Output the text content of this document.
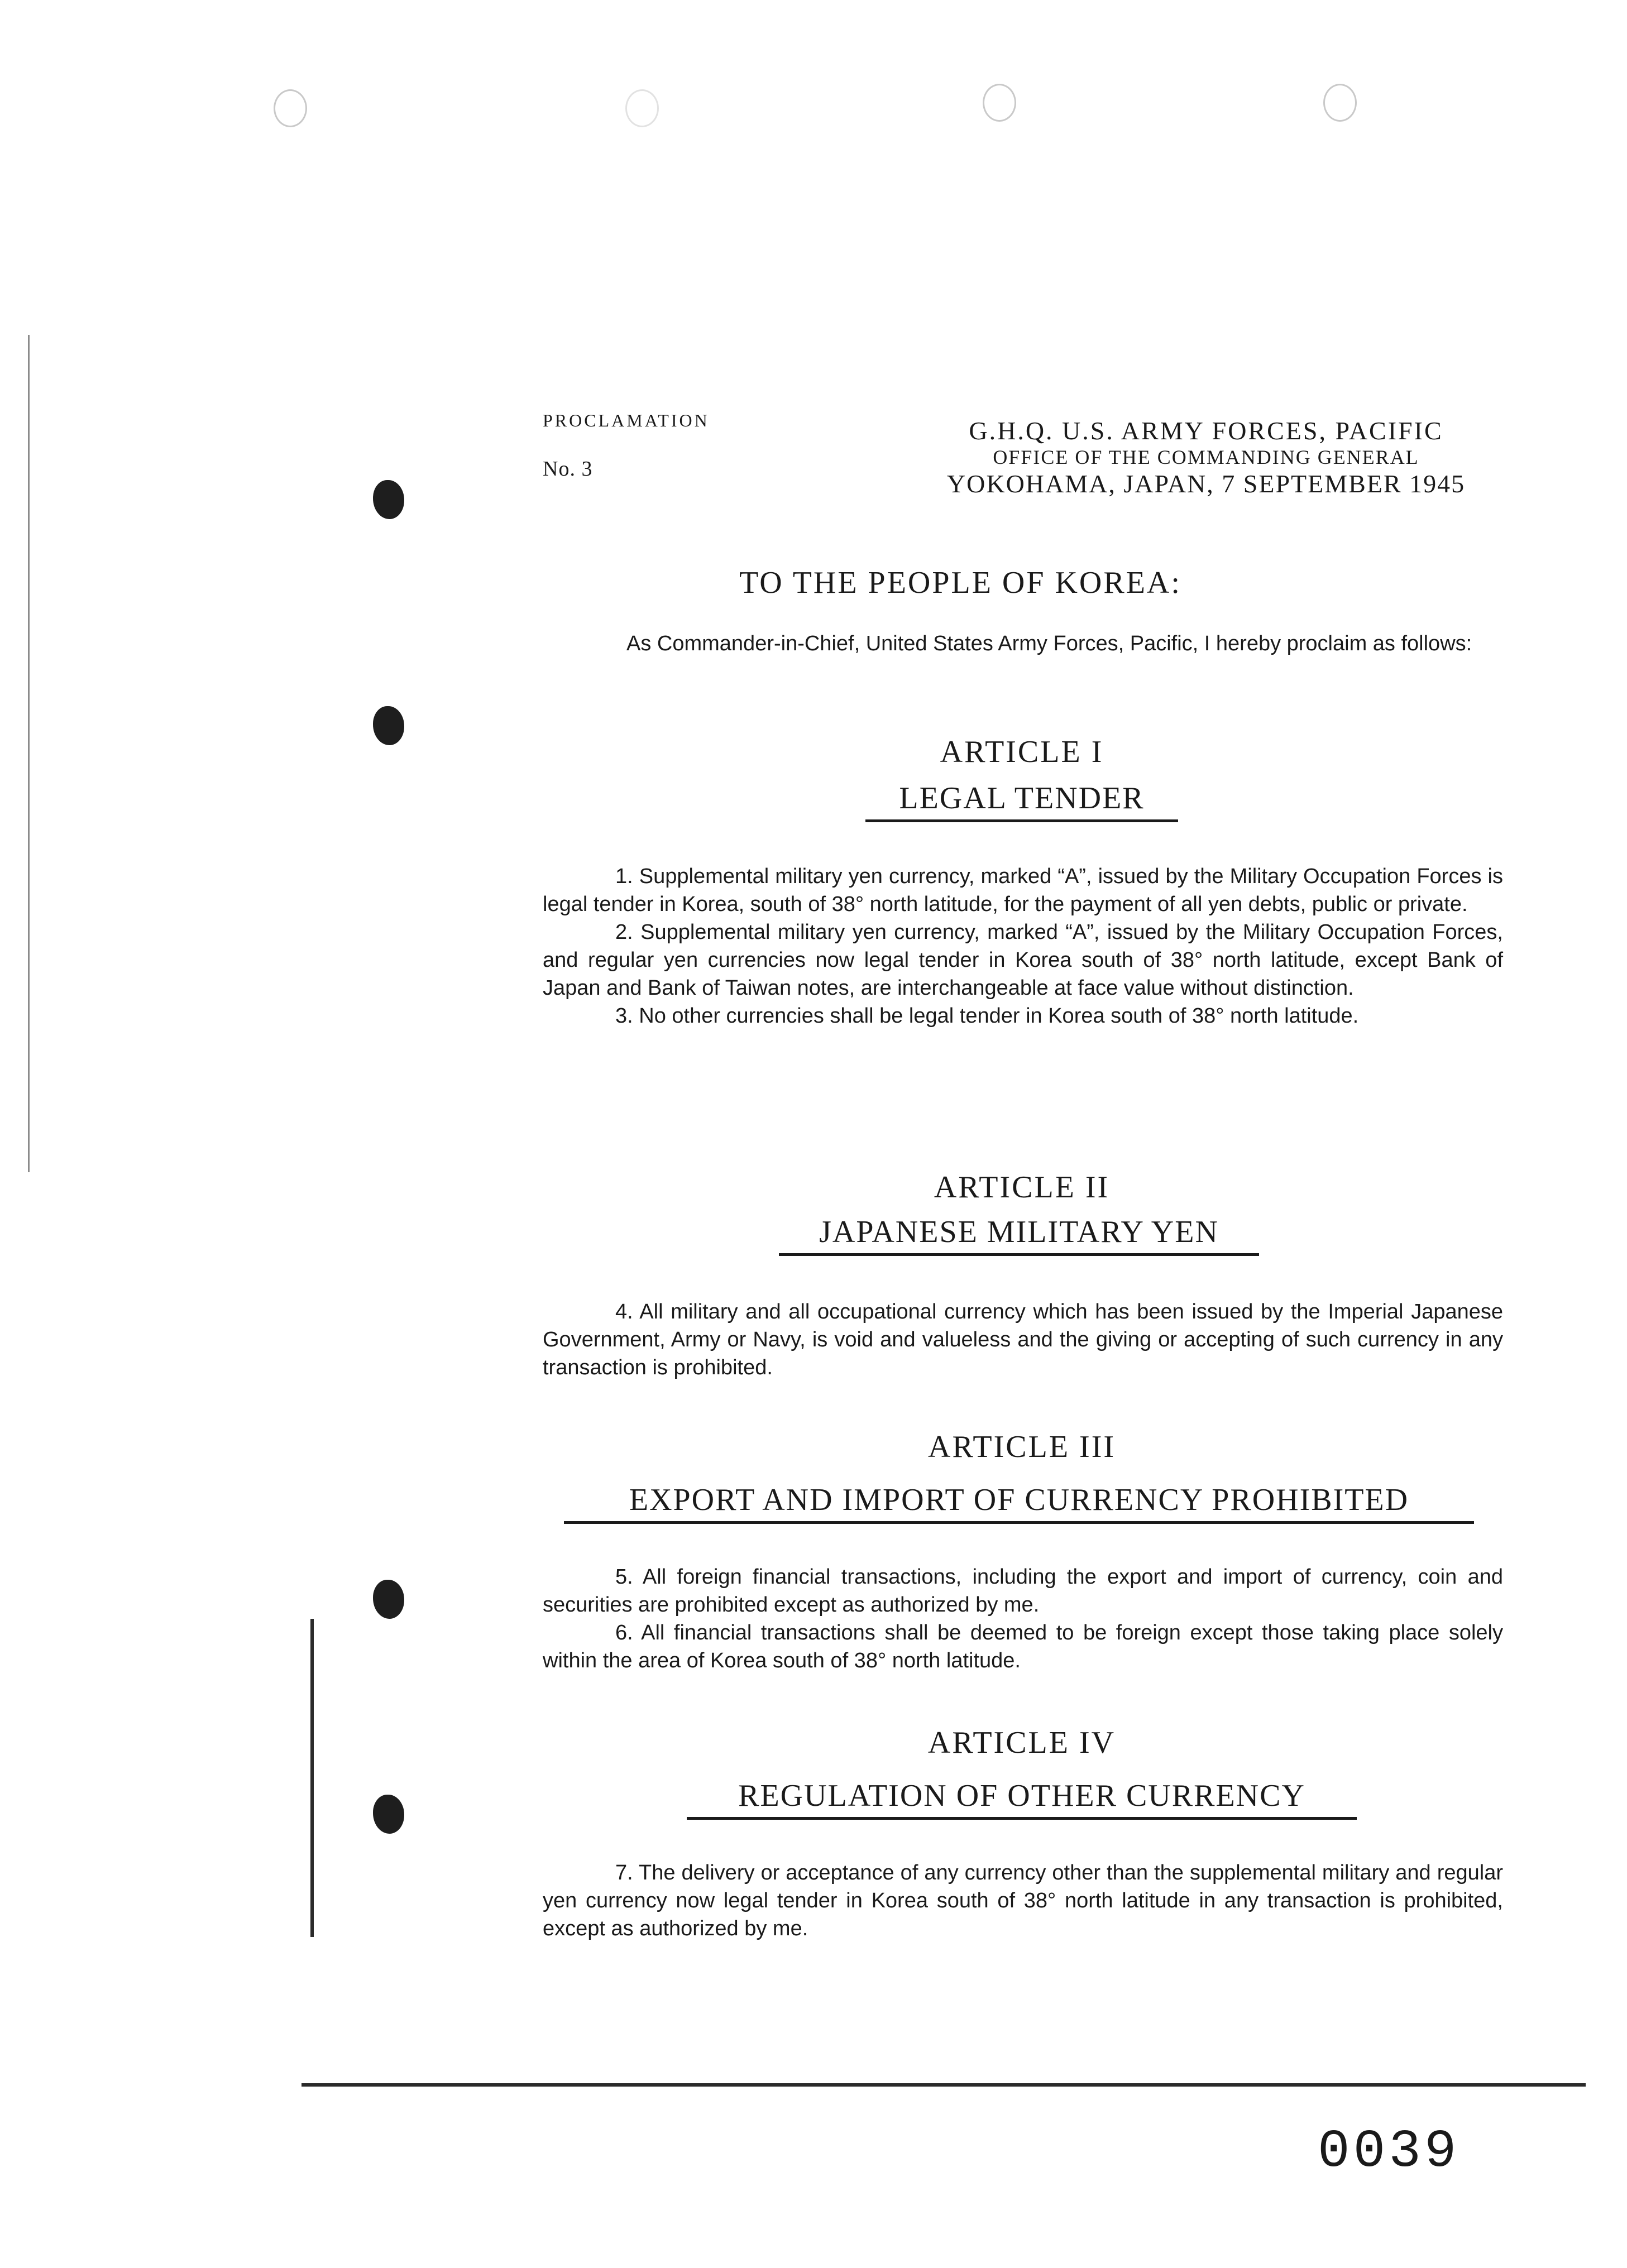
PROCLAMATION
No. 3
G.H.Q. U.S. ARMY FORCES, PACIFIC
OFFICE OF THE COMMANDING GENERAL
YOKOHAMA, JAPAN, 7 SEPTEMBER 1945
TO THE PEOPLE OF KOREA:

As Commander-in-Chief, United States Army Forces, Pacific, I hereby proclaim as follows:

ARTICLE I
LEGAL TENDER

1. Supplemental military yen currency, marked “A”, issued by the Military Occupation Forces is legal tender in Korea, south of 38° north latitude, for the payment of all yen debts, public or private.

2. Supplemental military yen currency, marked “A”, issued by the Military Occupation Forces, and regular yen currencies now legal tender in Korea south of 38° north latitude, except Bank of Japan and Bank of Taiwan notes, are interchangeable at face value without distinction.

3. No other currencies shall be legal tender in Korea south of 38° north latitude.

ARTICLE II
JAPANESE MILITARY YEN

4. All military and all occupational currency which has been issued by the Imperial Japanese Government, Army or Navy, is void and valueless and the giving or accepting of such currency in any transaction is prohibited.

ARTICLE III
EXPORT AND IMPORT OF CURRENCY PROHIBITED

5. All foreign financial transactions, including the export and import of currency, coin and securities are prohibited except as authorized by me.

6. All financial transactions shall be deemed to be foreign except those taking place solely within the area of Korea south of 38° north latitude.

ARTICLE IV
REGULATION OF OTHER CURRENCY

7. The delivery or acceptance of any currency other than the supplemental military and regular yen currency now legal tender in Korea south of 38° north latitude in any transaction is prohibited, except as authorized by me.

0039
